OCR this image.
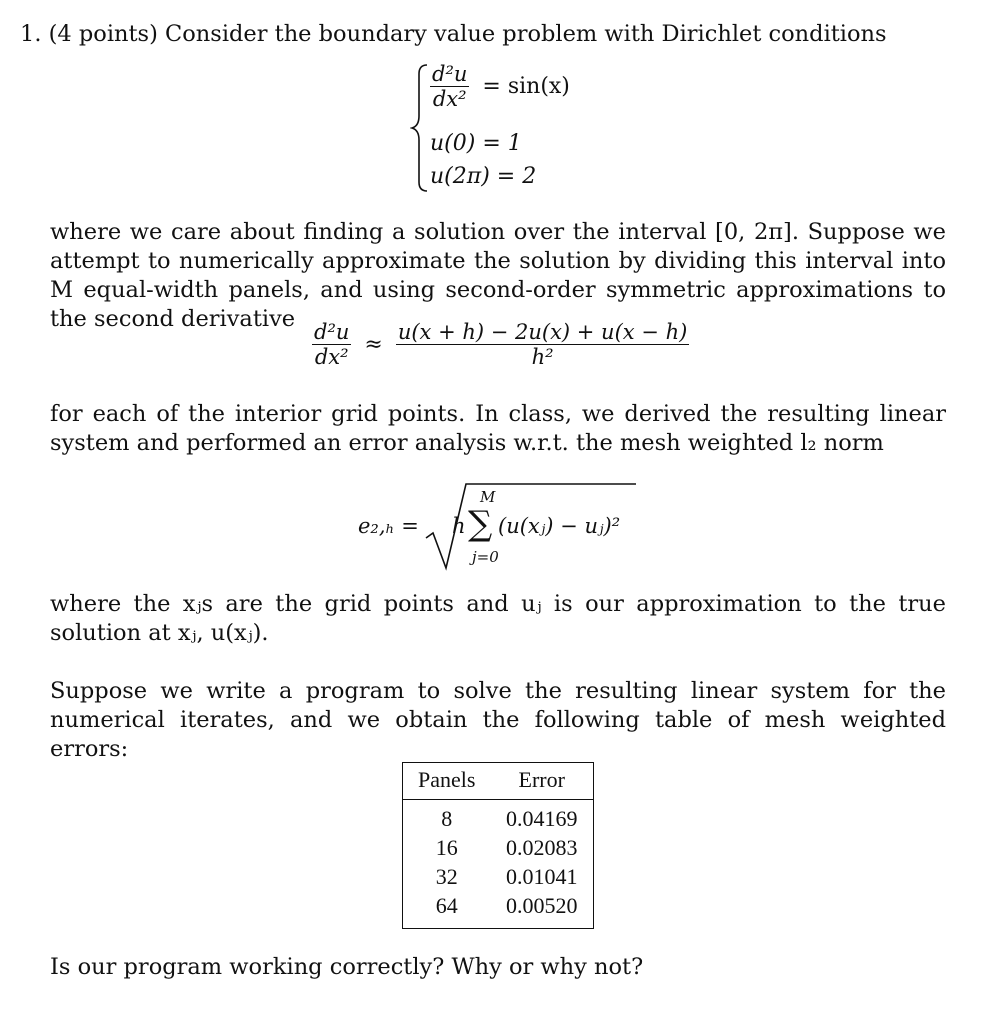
1. (4 points) Consider the boundary value problem with Dirichlet conditions
$\frac{\text{d²u}}{\text{dx²}} = \sin(x)$
u(0) = 1
u(2π) = 2
where we care about finding a solution over the interval [0, 2π]. Suppose we attempt to numerically approximate the solution by dividing this interval into M equal-width panels, and using second-order symmetric approximations to the second derivative
$\frac{\text{d²u}}{\text{dx²}} \approx \frac{u(x + h) - 2u(x) + u(x - h)}{\text{h²}}$
for each of the interior grid points. In class, we derived the resulting linear system and performed an error analysis w.r.t. the mesh weighted l₂ norm
e₂,ₕ = h
M
∑
j=0
(u(xⱼ) − uⱼ)²
where the xⱼs are the grid points and uⱼ is our approximation to the true solution at xⱼ, u(xⱼ).
Suppose we write a program to solve the resulting linear system for the numerical iterates, and we obtain the following table of mesh weighted errors:
Panels	Error
8	0.04169
16	0.02083
32	0.01041
64	0.00520
Is our program working correctly? Why or why not?
